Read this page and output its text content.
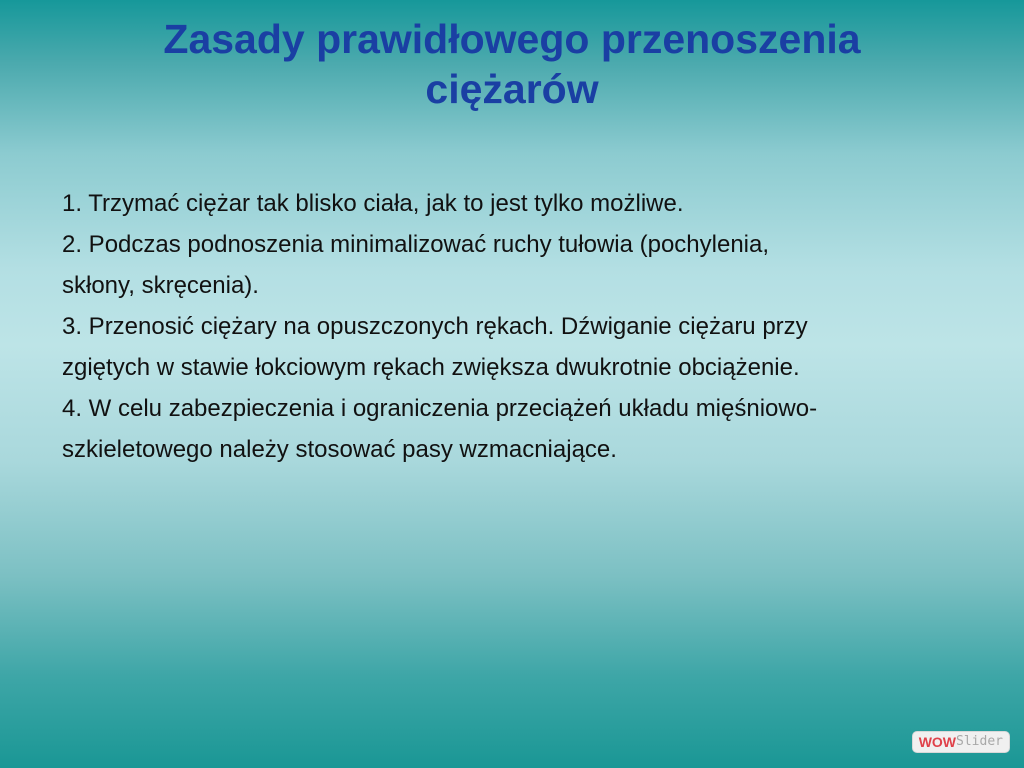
Zasady prawidłowego przenoszenia
ciężarów

1. Trzymać ciężar tak blisko ciała, jak to jest tylko możliwe.

2. Podczas podnoszenia minimalizować ruchy tułowia (pochylenia,

skłony, skręcenia).

3. Przenosić ciężary na opuszczonych rękach. Dźwiganie ciężaru przy

zgiętych w stawie łokciowym rękach zwiększa dwukrotnie obciążenie.

4. W celu zabezpieczenia i ograniczenia przeciążeń układu mięśniowo-

szkieletowego należy stosować pasy wzmacniające.

WOW Slider
